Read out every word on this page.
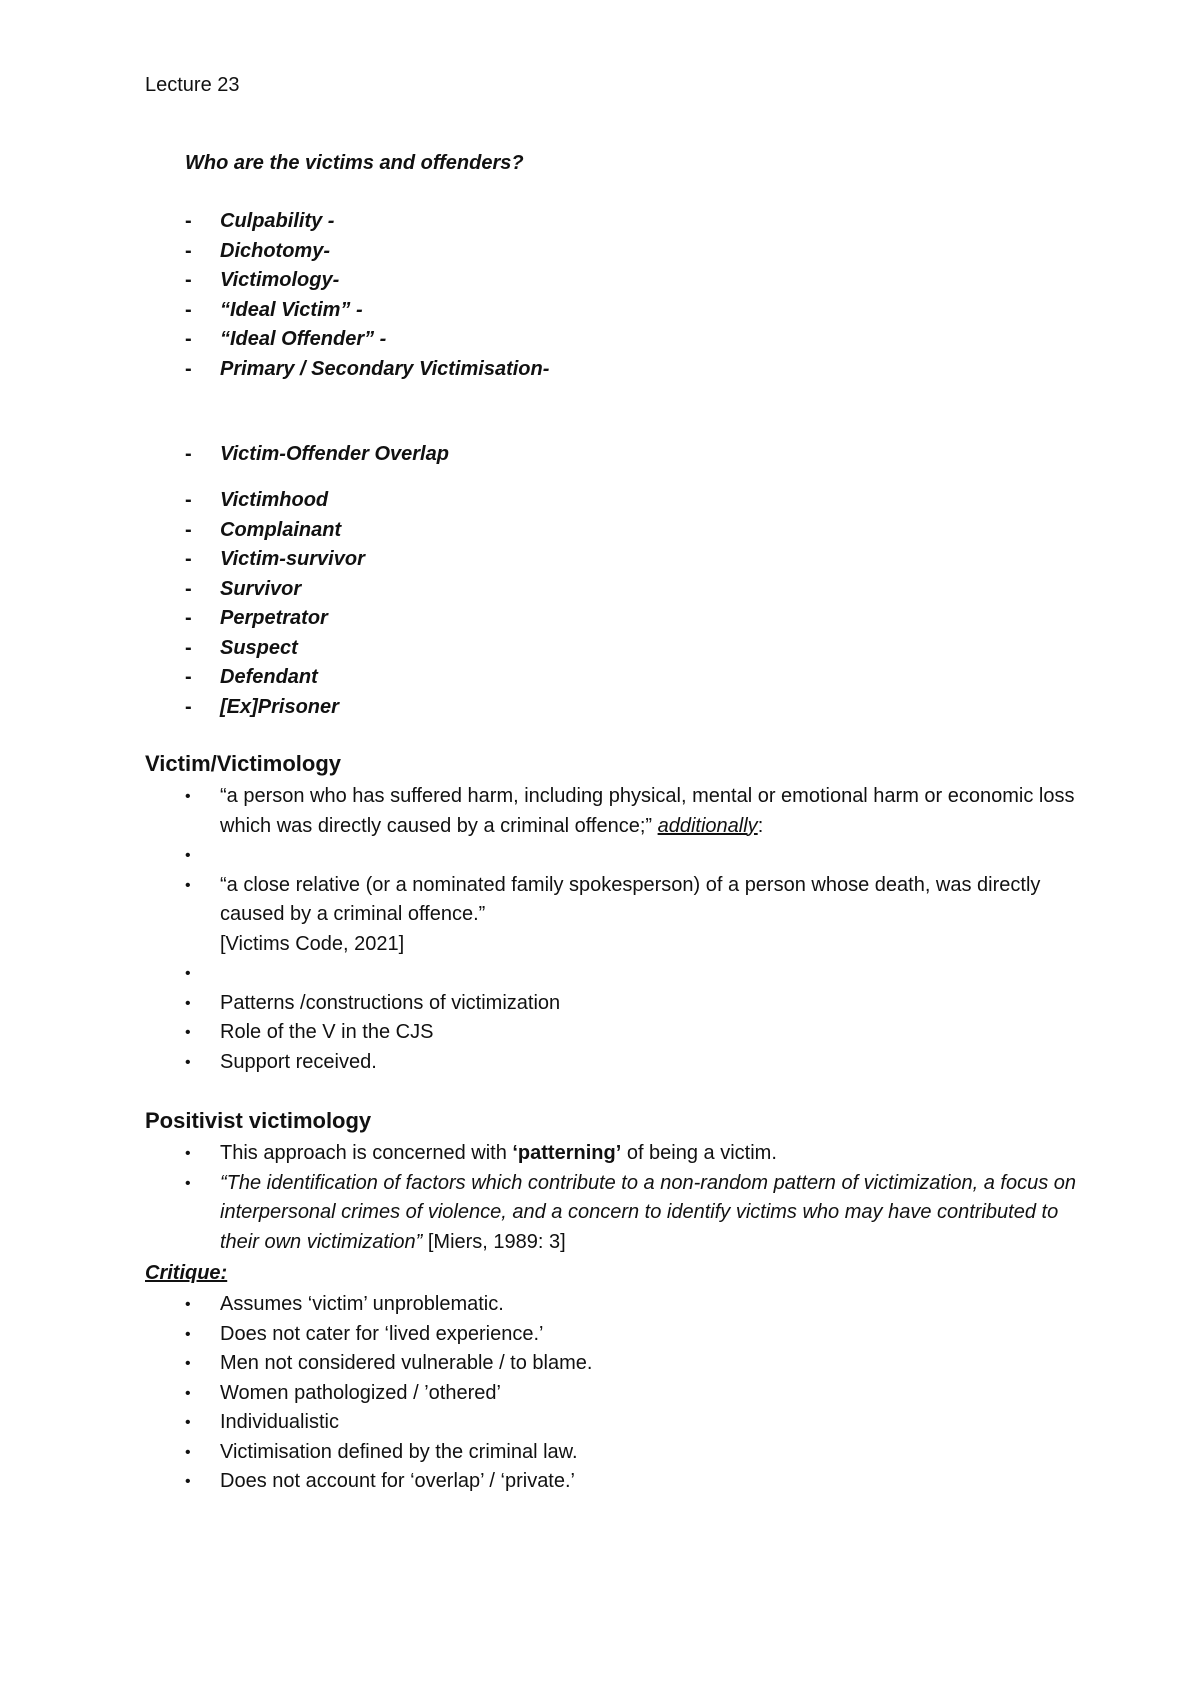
Lecture 23
Who are the victims and offenders?
- Culpability -
- Dichotomy-
- Victimology-
- “Ideal Victim” -
- “Ideal Offender” -
- Primary / Secondary Victimisation-
- Victim-Offender Overlap
- Victimhood
- Complainant
- Victim-survivor
- Survivor
- Perpetrator
- Suspect
- Defendant
- [Ex]Prisoner
Victim/Victimology
• “a person who has suffered harm, including physical, mental or emotional harm or economic loss which was directly caused by a criminal offence;” additionally:
•
• “a close relative (or a nominated family spokesperson) of a person whose death, was directly caused by a criminal offence.”
[Victims Code, 2021]
•
• Patterns /constructions of victimization
• Role of the V in the CJS
• Support received.
Positivist victimology
• This approach is concerned with ‘patterning’ of being a victim.
• “The identification of factors which contribute to a non-random pattern of victimization, a focus on interpersonal crimes of violence, and a concern to identify victims who may have contributed to their own victimization” [Miers, 1989: 3]
Critique:
• Assumes ‘victim’ unproblematic.
• Does not cater for ‘lived experience.’
• Men not considered vulnerable / to blame.
• Women pathologized / ’othered’
• Individualistic
• Victimisation defined by the criminal law.
• Does not account for ‘overlap’ / ‘private.’
